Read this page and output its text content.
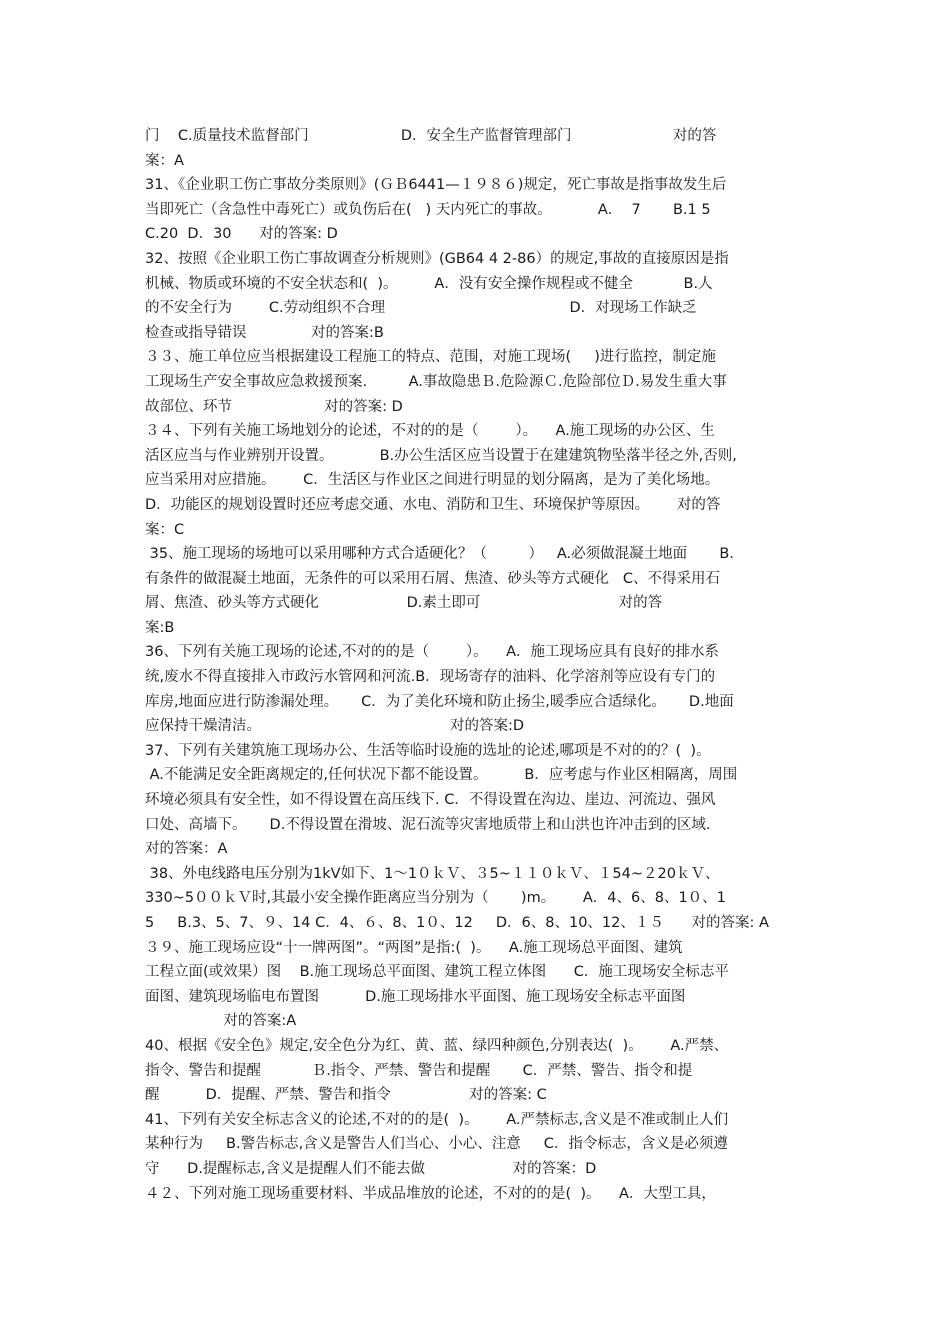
门    C.质量技术监督部门                    D．安全生产监督管理部门                      对的答
案：A
31、《企业职工伤亡事故分类原则》(ＧＢ6441—１９８６)规定，死亡事故是指事故发生后
当即死亡（含急性中毒死亡）或负伤后在(   ) 天内死亡的事故。          A．  7       B.1 5
C.20  D．30      对的答案: D
32、按照《企业职工伤亡事故调查分析规则》(GB64 4 2-86）的规定,事故的直接原因是指
机械、物质或环境的不安全状态和(  )。        A．没有安全操作规程或不健全           B.人
的不安全行为        C.劳动组织不合理                                        D．对现场工作缺乏
检查或指导错误              对的答案:B
３３、施工单位应当根据建设工程施工的特点、范围，对施工现场(     )进行监控，制定施
工现场生产安全事故应急救援预案.         A.事故隐患Ｂ.危险源Ｃ.危险部位Ｄ.易发生重大事
故部位、环节                    对的答案: D
３４、下列有关施工场地划分的论述，不对的的是（        ）。    A.施工现场的办公区、生
活区应当与作业辨别开设置。          B.办公生活区应当设置于在建建筑物坠落半径之外,否则,
应当采用对应措施。      C．生活区与作业区之间进行明显的划分隔离，是为了美化场地。
D．功能区的规划设置时还应考虑交通、水电、消防和卫生、环境保护等原因。      对的答
案：C
35、施工现场的场地可以采用哪种方式合适硬化？（         ）   A.必须做混凝土地面       B．
有条件的做混凝土地面，无条件的可以采用石屑、焦渣、砂头等方式硬化   C、不得采用石
屑、焦渣、砂头等方式硬化                   D.素土即可                              对的答
案:B
36、下列有关施工现场的论述,不对的的是（        ）。    A．施工现场应具有良好的排水系
统,废水不得直接排入市政污水管网和河流.B．现场寄存的油料、化学溶剂等应设有专门的
库房,地面应进行防渗漏处理。     C．为了美化环境和防止扬尘,暖季应合适绿化。     D.地面
应保持干燥清洁。                                         对的答案:D
37、下列有关建筑施工现场办公、生活等临时设施的选址的论述,哪项是不对的的？(  )。
A.不能满足安全距离规定的,任何状况下都不能设置。        B．应考虑与作业区相隔离，周围
环境必须具有安全性，如不得设置在高压线下. C．不得设置在沟边、崖边、河流边、强风
口处、高墙下。     D.不得设置在滑坡、泥石流等灾害地质带上和山洪也许冲击到的区域.
对的答案：A
38、外电线路电压分别为1kV如下、1～1０ｋＶ、３5~１１０ｋＶ、１54~２20ｋＶ、
330~5００ｋＶ时,其最小安全操作距离应当分别为（       )m。      A．4、6、8、1０、1
5     B.3、5、7、９、14 C．4、６、8、1０、12     D．6、8、10、12、１５      对的答案: A
３９、施工现场应设“十一牌两图”。“两图”是指:(  )。    A.施工现场总平面图、建筑
工程立面(或效果）图    B.施工现场总平面图、建筑工程立体图      C．施工现场安全标志平
面图、建筑现场临电布置图          D.施工现场排水平面图、施工现场安全标志平面图
对的答案:A
40、根据《安全色》规定,安全色分为红、黄、蓝、绿四种颜色,分别表达(  )。      A.严禁、
指令、警告和提醒           Ｂ.指令、严禁、警告和提醒       C．严禁、警告、指令和提
醒          D．提醒、严禁、警告和指令                 对的答案: C
41、下列有关安全标志含义的论述,不对的的是(  )。      A.严禁标志,含义是不准或制止人们
某种行为     B.警告标志,含义是警告人们当心、小心、注意     C．指令标志，含义是必须遵
守      D.提醒标志,含义是提醒人们不能去做                   对的答案：D
４２、下列对施工现场重要材料、半成品堆放的论述，不对的的是(  )。    A．大型工具，
